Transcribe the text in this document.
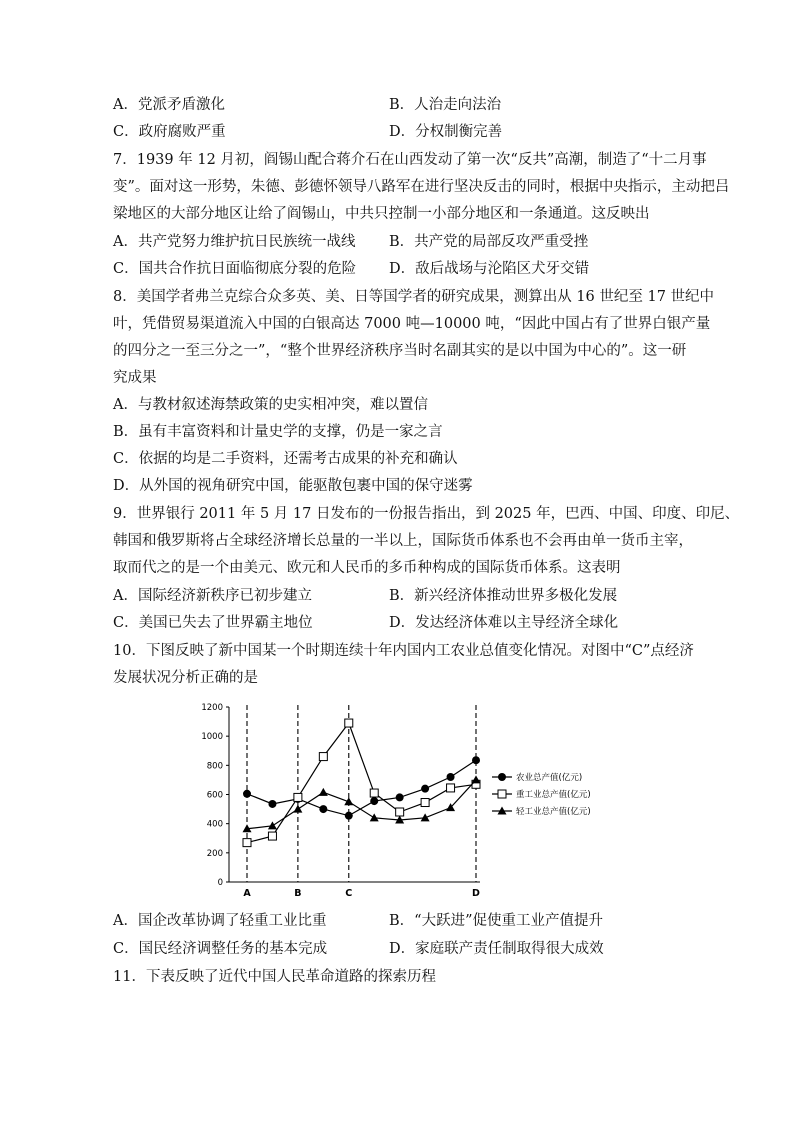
A．党派矛盾激化	B．人治走向法治
C．政府腐败严重	D．分权制衡完善
7．1939 年 12 月初，阎锡山配合蒋介石在山西发动了第一次“反共”高潮，制造了“十二月事
变”。面对这一形势，朱德、彭德怀领导八路军在进行坚决反击的同时，根据中央指示，主动把吕
梁地区的大部分地区让给了阎锡山，中共只控制一小部分地区和一条通道。这反映出
A．共产党努力维护抗日民族统一战线 B．共产党的局部反攻严重受挫
C．国共合作抗日面临彻底分裂的危险 D．敌后战场与沦陷区犬牙交错
8．美国学者弗兰克综合众多英、美、日等国学者的研究成果，测算出从 16 世纪至 17 世纪中
叶，凭借贸易渠道流入中国的白银高达 7000 吨—10000 吨，“因此中国占有了世界白银产量
的四分之一至三分之一”，“整个世界经济秩序当时名副其实的是以中国为中心的”。这一研
究成果
A．与教材叙述海禁政策的史实相冲突，难以置信
B．虽有丰富资料和计量史学的支撑，仍是一家之言
C．依据的均是二手资料，还需考古成果的补充和确认
D．从外国的视角研究中国，能驱散包裹中国的保守迷雾
9．世界银行 2011 年 5 月 17 日发布的一份报告指出，到 2025 年，巴西、中国、印度、印尼、
韩国和俄罗斯将占全球经济增长总量的一半以上，国际货币体系也不会再由单一货币主宰，
取而代之的是一个由美元、欧元和人民币的多币种构成的国际货币体系。这表明
A．国际经济新秩序已初步建立	B．新兴经济体推动世界多极化发展
C．美国已失去了世界霸主地位	D．发达经济体难以主导经济全球化
10．下图反映了新中国某一个时期连续十年内国内工农业总值变化情况。对图中“C”点经济
发展状况分析正确的是
0
200
400
600
800
1000
1200
A	B	C	D
农业总产值(亿元)
重工业总产值(亿元)
轻工业总产值(亿元)
A．国企改革协调了轻重工业比重	B．“大跃进”促使重工业产值提升
C．国民经济调整任务的基本完成	D．家庭联产责任制取得很大成效
11．下表反映了近代中国人民革命道路的探索历程
